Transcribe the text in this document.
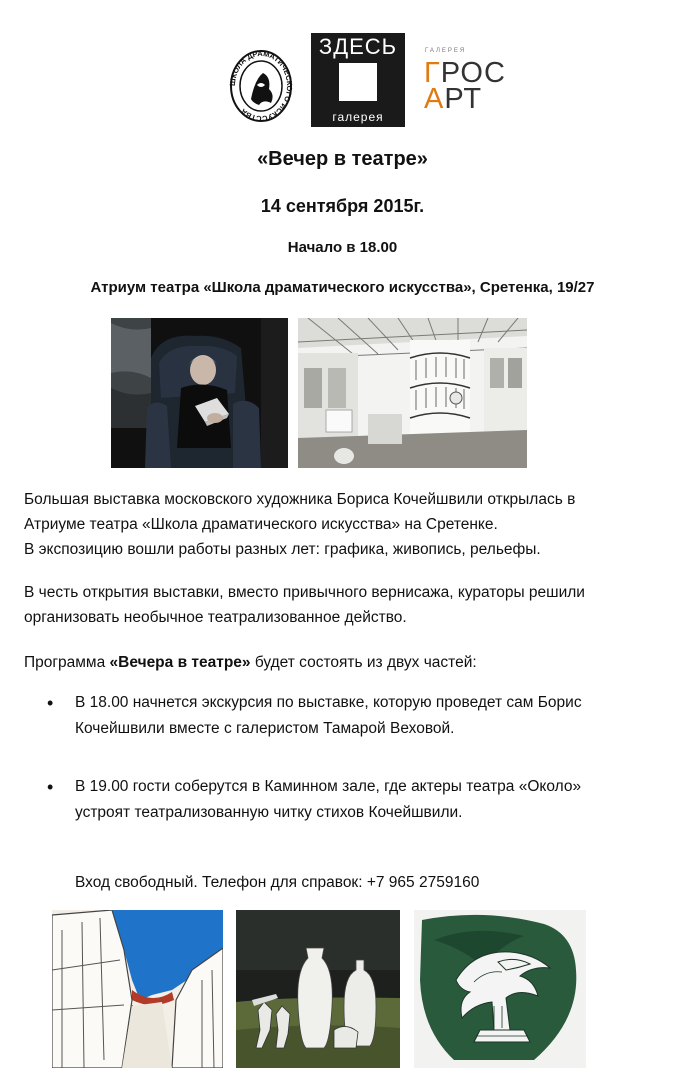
КОЛА ДРАМАТИЧЕС ГО ИСКУССТВА
ЗДЕСЬ
галерея
ГАЛЕРЕЯ
ГРОС
АРТ
«Вечер в театре»
14 сентября 2015г.
Начало в 18.00
Атриум театра «Школа драматического искусства», Сретенка, 19/27
Большая выставка московского художника Бориса Кочейшвили открылась в
Атриуме театра «Школа драматического искусства» на Сретенке.
В экспозицию вошли работы разных лет: графика, живопись, рельефы.
В честь открытия выставки, вместо привычного вернисажа, кураторы решили
организовать необычное театрализованное действо.
Программа «Вечера в театре» будет состоять из двух частей:
• В 18.00 начнется экскурсия по выставке, которую проведет сам Борис
Кочейшвили вместе с галеристом Тамарой Веховой.
• В 19.00 гости соберутся в Каминном зале, где актеры театра «Около»
устроят театрализованную читку стихов Кочейшвили.
Вход свободный. Телефон для справок: +7 965 2759160
